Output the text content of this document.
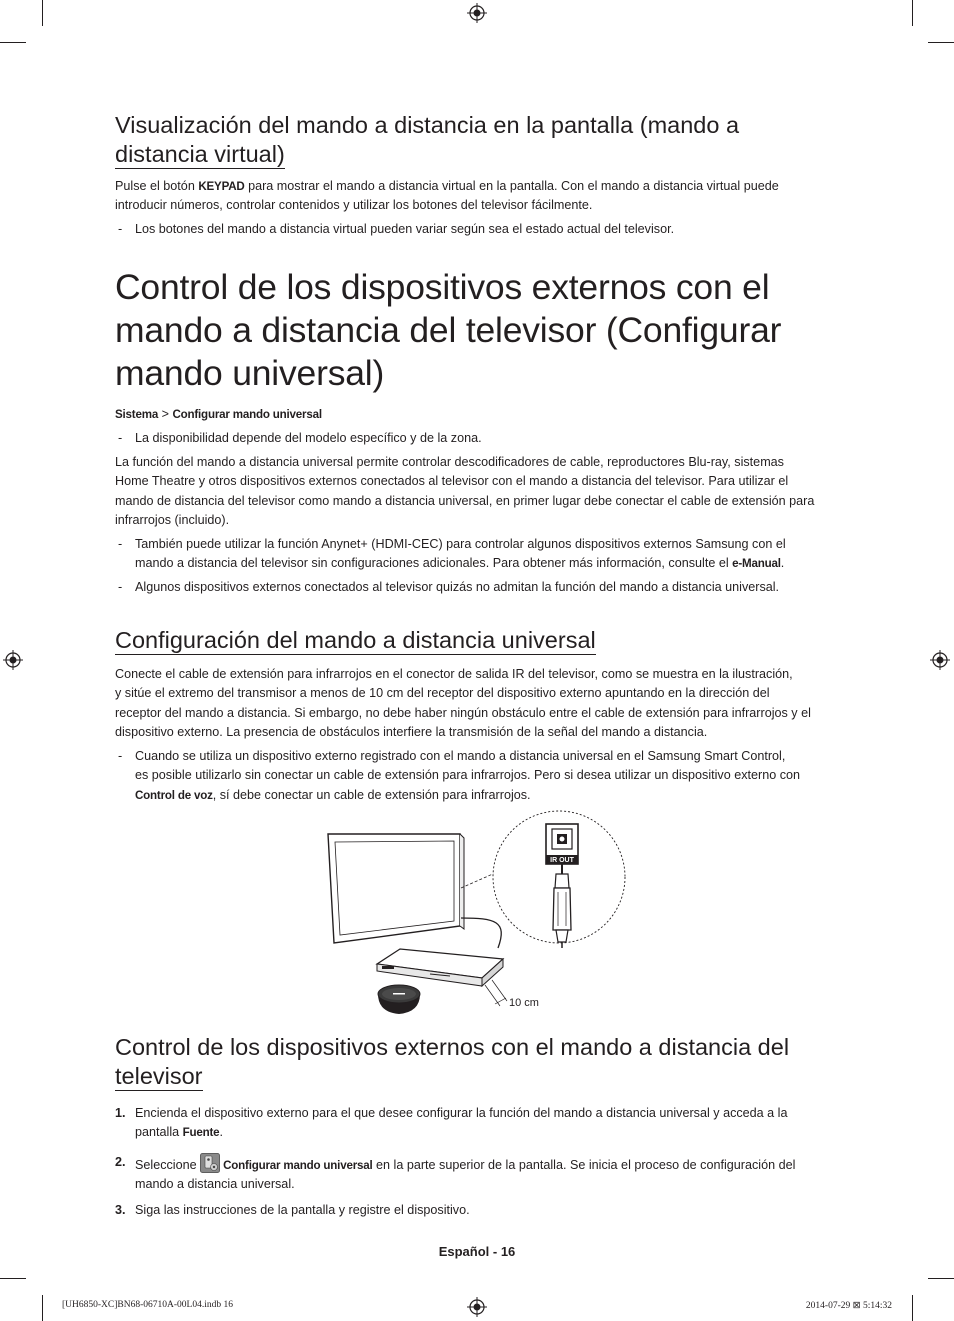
Visualización del mando a distancia en la pantalla (mando a
distancia virtual)

Pulse el botón KEYPAD para mostrar el mando a distancia virtual en la pantalla. Con el mando a distancia virtual puede
introducir números, controlar contenidos y utilizar los botones del televisor fácilmente.

- Los botones del mando a distancia virtual pueden variar según sea el estado actual del televisor.
Control de los dispositivos externos con el
mando a distancia del televisor (Configurar
mando universal)

Sistema > Configurar mando universal

- La disponibilidad depende del modelo específico y de la zona.

La función del mando a distancia universal permite controlar descodificadores de cable, reproductores Blu-ray, sistemas
Home Theatre y otros dispositivos externos conectados al televisor con el mando a distancia del televisor. Para utilizar el
mando de distancia del televisor como mando a distancia universal, en primer lugar debe conectar el cable de extensión para
infrarrojos (incluido).

- También puede utilizar la función Anynet+ (HDMI-CEC) para controlar algunos dispositivos externos Samsung con el
mando a distancia del televisor sin configuraciones adicionales. Para obtener más información, consulte el e-Manual.
- Algunos dispositivos externos conectados al televisor quizás no admitan la función del mando a distancia universal.
Configuración del mando a distancia universal

Conecte el cable de extensión para infrarrojos en el conector de salida IR del televisor, como se muestra en la ilustración,
y sitúe el extremo del transmisor a menos de 10 cm del receptor del dispositivo externo apuntando en la dirección del
receptor del mando a distancia. Si embargo, no debe haber ningún obstáculo entre el cable de extensión para infrarrojos y el
dispositivo externo. La presencia de obstáculos interfiere la transmisión de la señal del mando a distancia.

- Cuando se utiliza un dispositivo externo registrado con el mando a distancia universal en el Samsung Smart Control,
es posible utilizarlo sin conectar un cable de extensión para infrarrojos. Pero si desea utilizar un dispositivo externo con
Control de voz, sí debe conectar un cable de extensión para infrarrojos.
IR OUT
10 cm
Control de los dispositivos externos con el mando a distancia del
televisor
1. Encienda el dispositivo externo para el que desee configurar la función del mando a distancia universal y acceda a la
pantalla Fuente.
2. Seleccione Configurar mando universal en la parte superior de la pantalla. Se inicia el proceso de configuración del
mando a distancia universal.
3. Siga las instrucciones de la pantalla y registre el dispositivo.
Español - 16
[UH6850-XC]BN68-06710A-00L04.indb 16	2014-07-29 ⊠ 5:14:32
